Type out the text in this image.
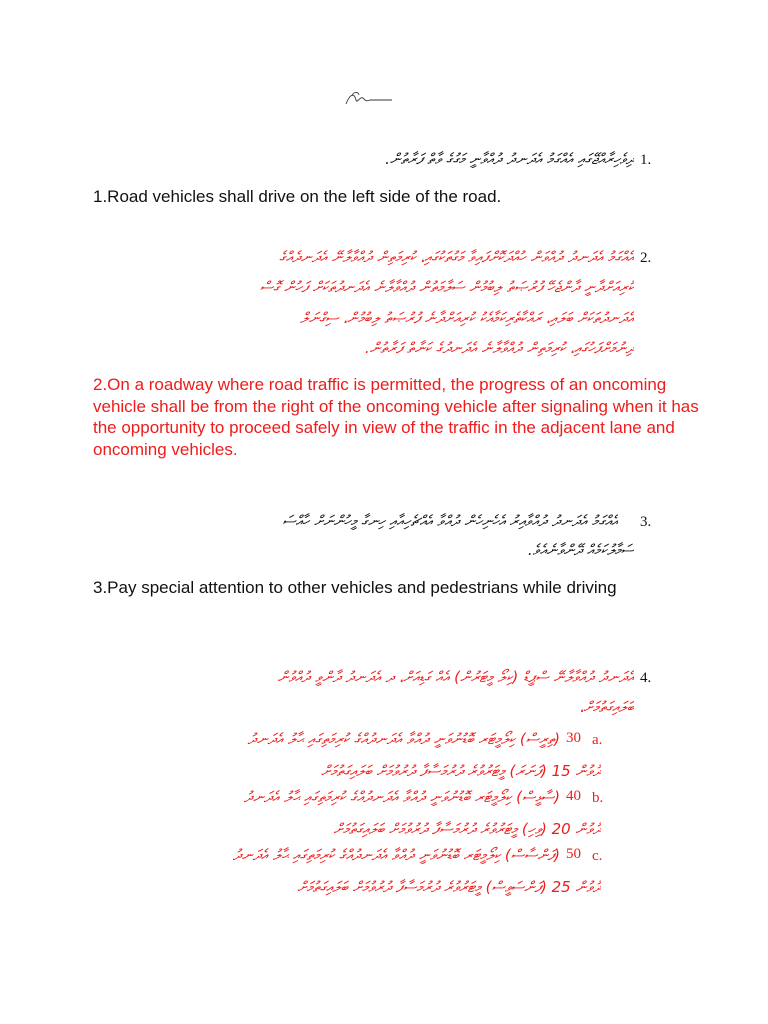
1.
ދިވެހިރާއްޖޭގައި އެއްގަމު އެދަނދު ދުއްވާނީ މަގުގެ ވާތް ފަރާތުން.
1.Road vehicles shall drive on the left side of the road.
2.
އެއްގަމު އެދަނދު ދުއްވަން ހުއްދަކޮށްފައިވާ މަގުތަކުގައި، ކުރިމަތިން ދުއްވާލާނޭ އެދަނދެއްގެ
ކުރިއަށްދާނީ ދާންޖެހޭ ފުރުޞަތު ލިބުމުން ސަލާމަތުން ދުއްވާލާނެ އެދަނދުތަކަށް ފަހުން ގޮސް
އެދަނދުތަކަށް ބަލައި، ރައްކާތެރިކަމާއެކު ކުރިއަށްދާނެ ފުރުޞަތު ލިބުމުން، ސިގްނަލް
ދިނުމަށްފަހުގައި، ކުރިމަތިން ދުއްވާލާނެ އެދަނދުގެ ކަނާތް ފަރާތުން.
2.On a roadway where road traffic is permitted, the progress of an oncoming vehicle shall be from the right of the oncoming vehicle after signaling when it has the opportunity to proceed safely in view of the traffic in the adjacent lane and oncoming vehicles.
3.
އެއްގަމު އެދަނދު ދުއްވާއިރު އެހެނިހެން ދުއްވާ އެއްޗެހިއާއި ހިނގާ މީހުންނަށް ހާއްސަ
ސަމާލުކަމެއް ދޭންވާނެއެވެ.
3.Pay special attention to other vehicles and pedestrians while driving
4.
އެދަނދު ދުއްވާލާނޭ ސްޕީޑް (ކިލޯ މީޓަރުން) އެއް ގަޑިއަށް، ދ އެދަނދު ދާންވީ ދުއްވުން
ބަލައިގަތުމަށް،
a.
30
(ތިރީސް) ކިލޯމީޓަރ ބޮޑުނުވަނީ ދުއްވާ އެދަނދުއްގެ ކުރިމަތިގައި ޙާލު އެދަނދު
ދުވުން 15 (ފަނަރަ) މީޓަރުވުރެ ދުރުމަސާފާ ދުރުވުމަށް ބަލައިގަތުމަށް
b.
40
(ސާޅީސް) ކިލޯމީޓަރ ބޮޑުނުވަނީ ދުއްވާ އެދަނދުއްގެ ކުރިމަތިގައި ޙާލު އެދަނދު
ދުވުން 20 (ވިހި) މީޓަރުވުރެ ދުރުމަސާފާ ދުރުވުމަށް ބަލައިގަތުމަށް
c.
50
(ފަންސާސް) ކިލޯމީޓަރ ބޮޑުނުވަނީ ދުއްވާ އެދަނދުއްގެ ކުރިމަތިގައި ޙާލު އެދަނދު
ދުވުން 25 (ފަންސަވީސް) މީޓަރުވުރެ ދުރުމަސާފާ ދުރުވުމަށް ބަލައިގަތުމަށް
